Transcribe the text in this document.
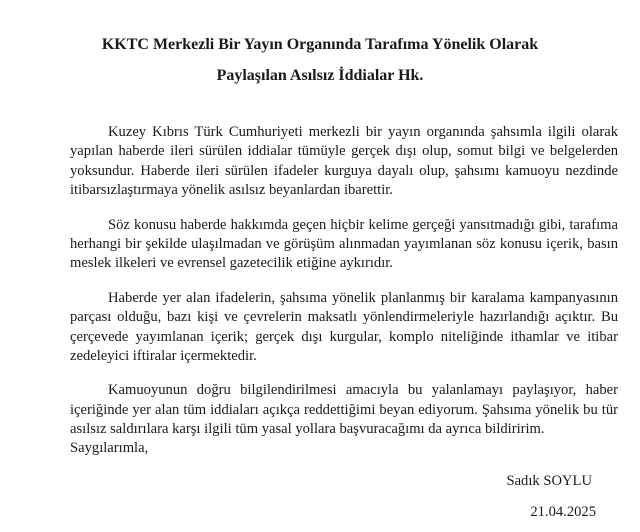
KKTC Merkezli Bir Yayın Organında Tarafıma Yönelik Olarak
Paylaşılan Asılsız İddialar Hk.

Kuzey Kıbrıs Türk Cumhuriyeti merkezli bir yayın organında şahsımla ilgili olarak yapılan haberde ileri sürülen iddialar tümüyle gerçek dışı olup, somut bilgi ve belgelerden yoksundur. Haberde ileri sürülen ifadeler kurguya dayalı olup, şahsımı kamuoyu nezdinde itibarsızlaştırmaya yönelik asılsız beyanlardan ibarettir.

Söz konusu haberde hakkımda geçen hiçbir kelime gerçeği yansıtmadığı gibi, tarafıma herhangi bir şekilde ulaşılmadan ve görüşüm alınmadan yayımlanan söz konusu içerik, basın meslek ilkeleri ve evrensel gazetecilik etiğine aykırıdır.

Haberde yer alan ifadelerin, şahsıma yönelik planlanmış bir karalama kampanyasının parçası olduğu, bazı kişi ve çevrelerin maksatlı yönlendirmeleriyle hazırlandığı açıktır. Bu çerçevede yayımlanan içerik; gerçek dışı kurgular, komplo niteliğinde ithamlar ve itibar zedeleyici iftiralar içermektedir.

Kamuoyunun doğru bilgilendirilmesi amacıyla bu yalanlamayı paylaşıyor, haber içeriğinde yer alan tüm iddiaları açıkça reddettiğimi beyan ediyorum. Şahsıma yönelik bu tür asılsız saldırılara karşı ilgili tüm yasal yollara başvuracağımı da ayrıca bildiririm.

Saygılarımla,
Sadık SOYLU
21.04.2025
